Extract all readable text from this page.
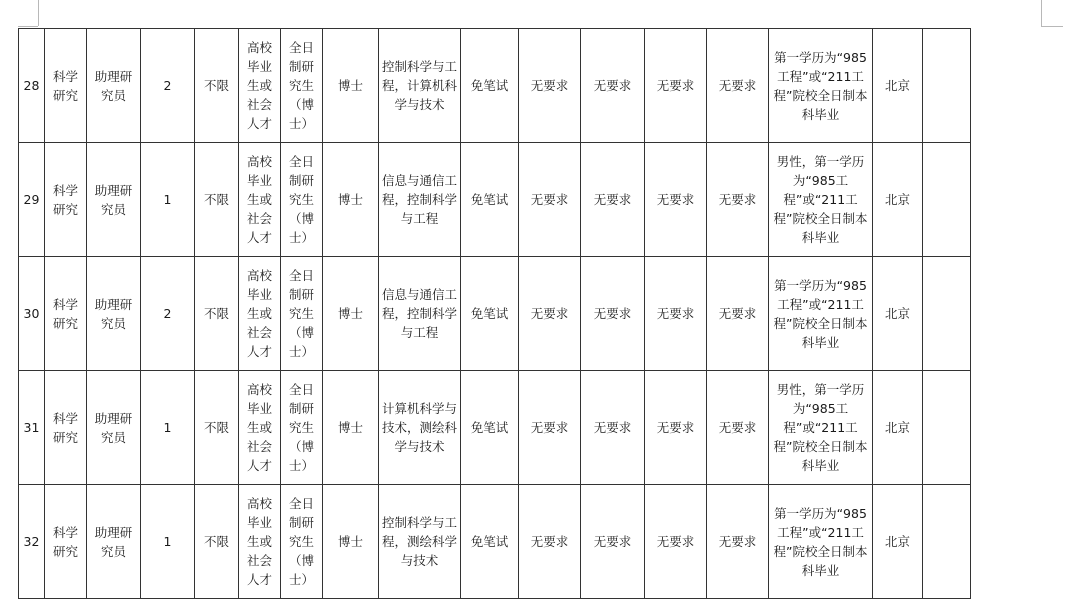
28	科学研究	助理研究员	2	不限	高校毕业生或社会人才	全日制研究生（博士）	博士	控制科学与工程，计算机科学与技术	免笔试	无要求	无要求	无要求	无要求	第一学历为“985工程”或“211工程”院校全日制本科毕业	北京	
29	科学研究	助理研究员	1	不限	高校毕业生或社会人才	全日制研究生（博士）	博士	信息与通信工程，控制科学与工程	免笔试	无要求	无要求	无要求	无要求	男性，第一学历为“985工程”或“211工程”院校全日制本科毕业	北京	
30	科学研究	助理研究员	2	不限	高校毕业生或社会人才	全日制研究生（博士）	博士	信息与通信工程，控制科学与工程	免笔试	无要求	无要求	无要求	无要求	第一学历为“985工程”或“211工程”院校全日制本科毕业	北京	
31	科学研究	助理研究员	1	不限	高校毕业生或社会人才	全日制研究生（博士）	博士	计算机科学与技术，测绘科学与技术	免笔试	无要求	无要求	无要求	无要求	男性，第一学历为“985工程”或“211工程”院校全日制本科毕业	北京	
32	科学研究	助理研究员	1	不限	高校毕业生或社会人才	全日制研究生（博士）	博士	控制科学与工程，测绘科学与技术	免笔试	无要求	无要求	无要求	无要求	第一学历为“985工程”或“211工程”院校全日制本科毕业	北京	
